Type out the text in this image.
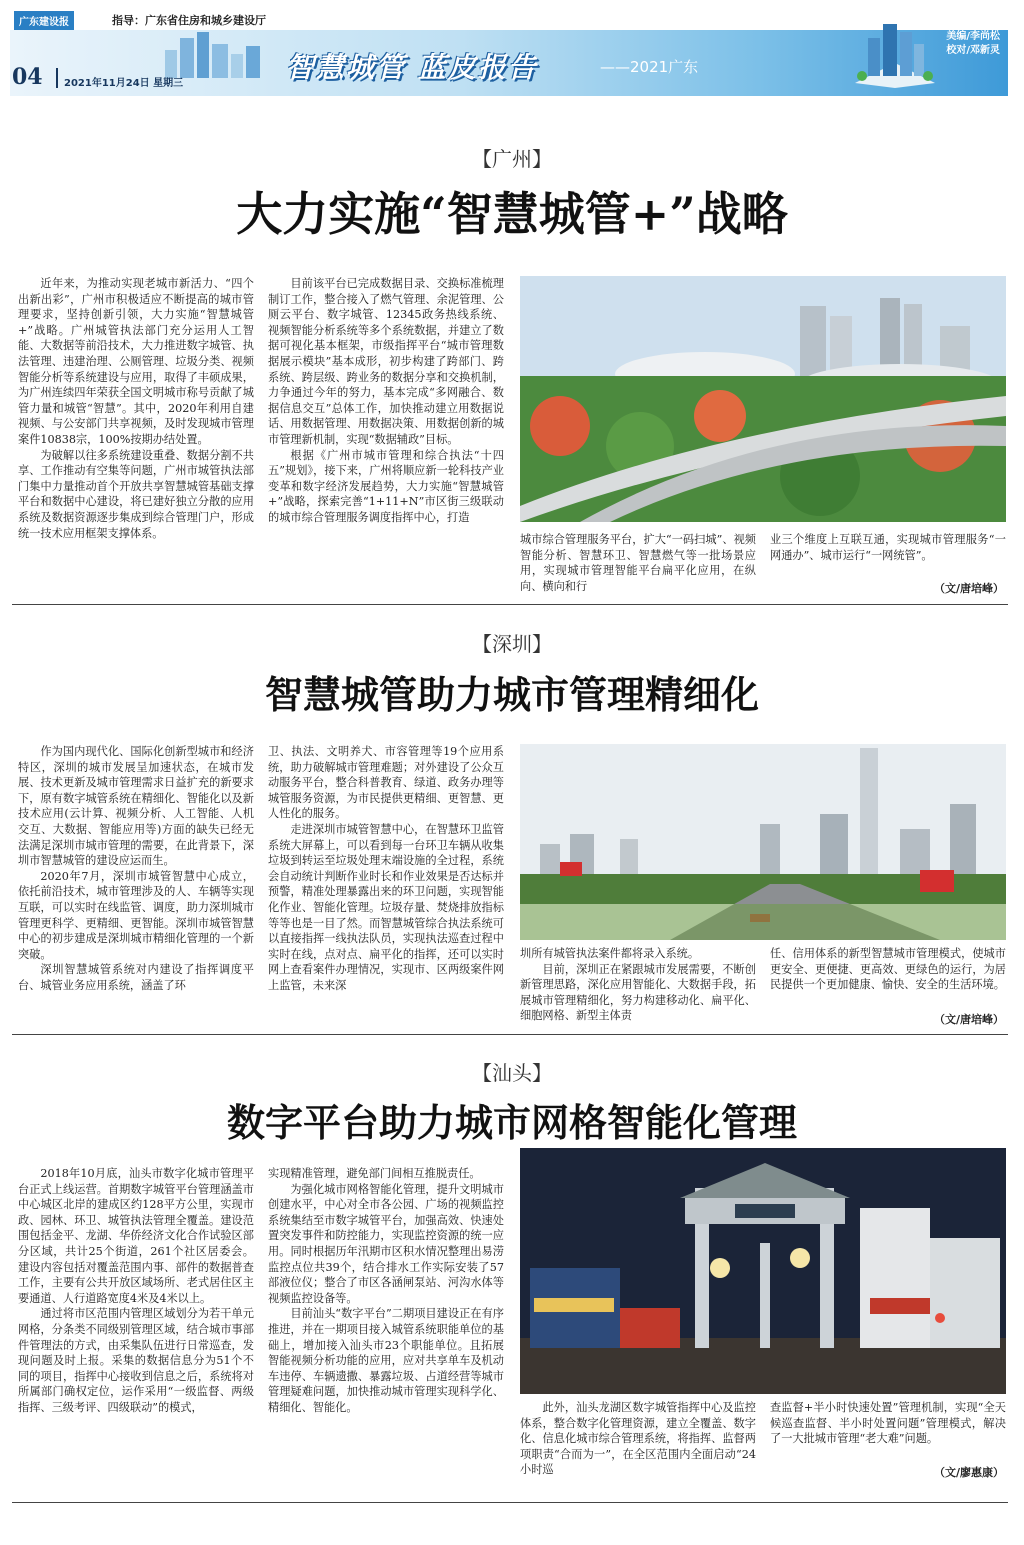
广东建设报	指导：广东省住房和城乡建设厅
04 2021年11月24日 星期三	智慧城管 蓝皮报告	——2021广东
编辑/朱启同
美编/李尚松
校对/邓新灵
【广州】
大力实施“智慧城管+”战略

近年来，为推动实现老城市新活力、“四个出新出彩”，广州市积极适应不断提高的城市管理要求，坚持创新引领，大力实施“智慧城管+”战略。广州城管执法部门充分运用人工智能、大数据等前沿技术，大力推进数字城管、执法管理、违建治理、公厕管理、垃圾分类、视频智能分析等系统建设与应用，取得了丰硕成果，为广州连续四年荣获全国文明城市称号贡献了城管力量和城管“智慧”。其中，2020年利用自建视频、与公安部门共享视频，及时发现城市管理案件10838宗，100%按期办结处置。

为破解以往多系统建设重叠、数据分割不共享、工作推动有空集等问题，广州市城管执法部门集中力量推动首个开放共享智慧城管基础支撑平台和数据中心建设，将已建好独立分散的应用系统及数据资源逐步集成到综合管理门户，形成统一技术应用框架支撑体系。

目前该平台已完成数据目录、交换标准梳理制订工作，整合接入了燃气管理、余泥管理、公厕云平台、数字城管、12345政务热线系统、视频智能分析系统等多个系统数据，并建立了数据可视化基本框架，市级指挥平台“城市管理数据展示模块”基本成形，初步构建了跨部门、跨系统、跨层级、跨业务的数据分享和交换机制，力争通过今年的努力，基本完成“多网融合、数据信息交互”总体工作，加快推动建立用数据说话、用数据管理、用数据决策、用数据创新的城市管理新机制，实现“数据辅政”目标。

根据《广州市城市管理和综合执法“十四五”规划》，接下来，广州将顺应新一轮科技产业变革和数字经济发展趋势，大力实施“智慧城管+”战略，探索完善“1+11+N”市区街三级联动的城市综合管理服务调度指挥中心，打造

城市综合管理服务平台，扩大“一码扫城”、视频智能分析、智慧环卫、智慧燃气等一批场景应用，实现城市管理智能平台扁平化应用，在纵向、横向和行

业三个维度上互联互通，实现城市管理服务“一网通办”、城市运行“一网统管”。

（文/唐培峰）
【深圳】
智慧城管助力城市管理精细化

作为国内现代化、国际化创新型城市和经济特区，深圳的城市发展呈加速状态，在城市发展、技术更新及城市管理需求日益扩充的新要求下，原有数字城管系统在精细化、智能化以及新技术应用(云计算、视频分析、人工智能、人机交互、大数据、智能应用等)方面的缺失已经无法满足深圳市城市管理的需要，在此背景下，深圳市智慧城管的建设应运而生。

2020年7月，深圳市城管智慧中心成立，依托前沿技术，城市管理涉及的人、车辆等实现互联，可以实时在线监管、调度，助力深圳城市管理更科学、更精细、更智能。深圳市城管智慧中心的初步建成是深圳城市精细化管理的一个新突破。

深圳智慧城管系统对内建设了指挥调度平台、城管业务应用系统，涵盖了环

卫、执法、文明养犬、市容管理等19个应用系统，助力破解城市管理难题；对外建设了公众互动服务平台，整合科普教育、绿道、政务办理等城管服务资源，为市民提供更精细、更智慧、更人性化的服务。

走进深圳市城管智慧中心，在智慧环卫监管系统大屏幕上，可以看到每一台环卫车辆从收集垃圾到转运至垃圾处理末端设施的全过程，系统会自动统计判断作业时长和作业效果是否达标并预警，精准处理暴露出来的环卫问题，实现智能化作业、智能化管理。垃圾存量、焚烧排放指标等等也是一目了然。而智慧城管综合执法系统可以直接指挥一线执法队员，实现执法巡查过程中实时在线，点对点、扁平化的指挥，还可以实时网上查看案件办理情况，实现市、区两级案件网上监管，未来深

圳所有城管执法案件都将录入系统。

目前，深圳正在紧跟城市发展需要，不断创新管理思路，深化应用智能化、大数据手段，拓展城市管理精细化，努力构建移动化、扁平化、细胞网格、新型主体责

任、信用体系的新型智慧城市管理模式，使城市更安全、更便捷、更高效、更绿色的运行，为居民提供一个更加健康、愉快、安全的生活环境。

（文/唐培峰）
【汕头】
数字平台助力城市网格智能化管理

2018年10月底，汕头市数字化城市管理平台正式上线运营。首期数字城管平台管理涵盖市中心城区北岸的建成区约128平方公里，实现市政、园林、环卫、城管执法管理全覆盖。建设范围包括金平、龙湖、华侨经济文化合作试验区部分区域，共计25个街道，261个社区居委会。建设内容包括对覆盖范围内事、部件的数据普查工作，主要有公共开放区域场所、老式居住区主要通道、人行道路宽度4米及4米以上。

通过将市区范围内管理区域划分为若干单元网格，分条类不同级别管理区域，结合城市事部件管理法的方式，由采集队伍进行日常巡查，发现问题及时上报。采集的数据信息分为51个不同的项目，指挥中心接收到信息之后，系统将对所属部门确权定位，运作采用“一级监督、两级指挥、三级考评、四级联动”的模式，

实现精准管理，避免部门间相互推脱责任。

为强化城市网格智能化管理，提升文明城市创建水平，中心对全市各公园、广场的视频监控系统集结至市数字城管平台，加强高效、快速处置突发事件和防控能力，实现监控资源的统一应用。同时根据历年汛期市区积水情况整理出易涝监控点位共39个，结合排水工作实际安装了57部液位仪；整合了市区各涵闸泵站、河沟水体等视频监控设备等。

目前汕头“数字平台”二期项目建设正在有序推进，并在一期项目接入城管系统职能单位的基础上，增加接入汕头市23个职能单位。且拓展智能视频分析功能的应用，应对共享单车及机动车违停、车辆遗撒、暴露垃圾、占道经营等城市管理疑难问题，加快推动城市管理实现科学化、精细化、智能化。	此外，汕头龙湖区数字城管指挥中心及监控体系，整合数字化管理资源，建立全覆盖、数字化、信息化城市综合管理系统，将指挥、监督两项职责“合而为一”，在全区范围内全面启动“24小时巡

查监督+半小时快速处置”管理机制，实现“全天候巡查监督、半小时处置问题”管理模式，解决了一大批城市管理“老大难”问题。

（文/廖惠康）
